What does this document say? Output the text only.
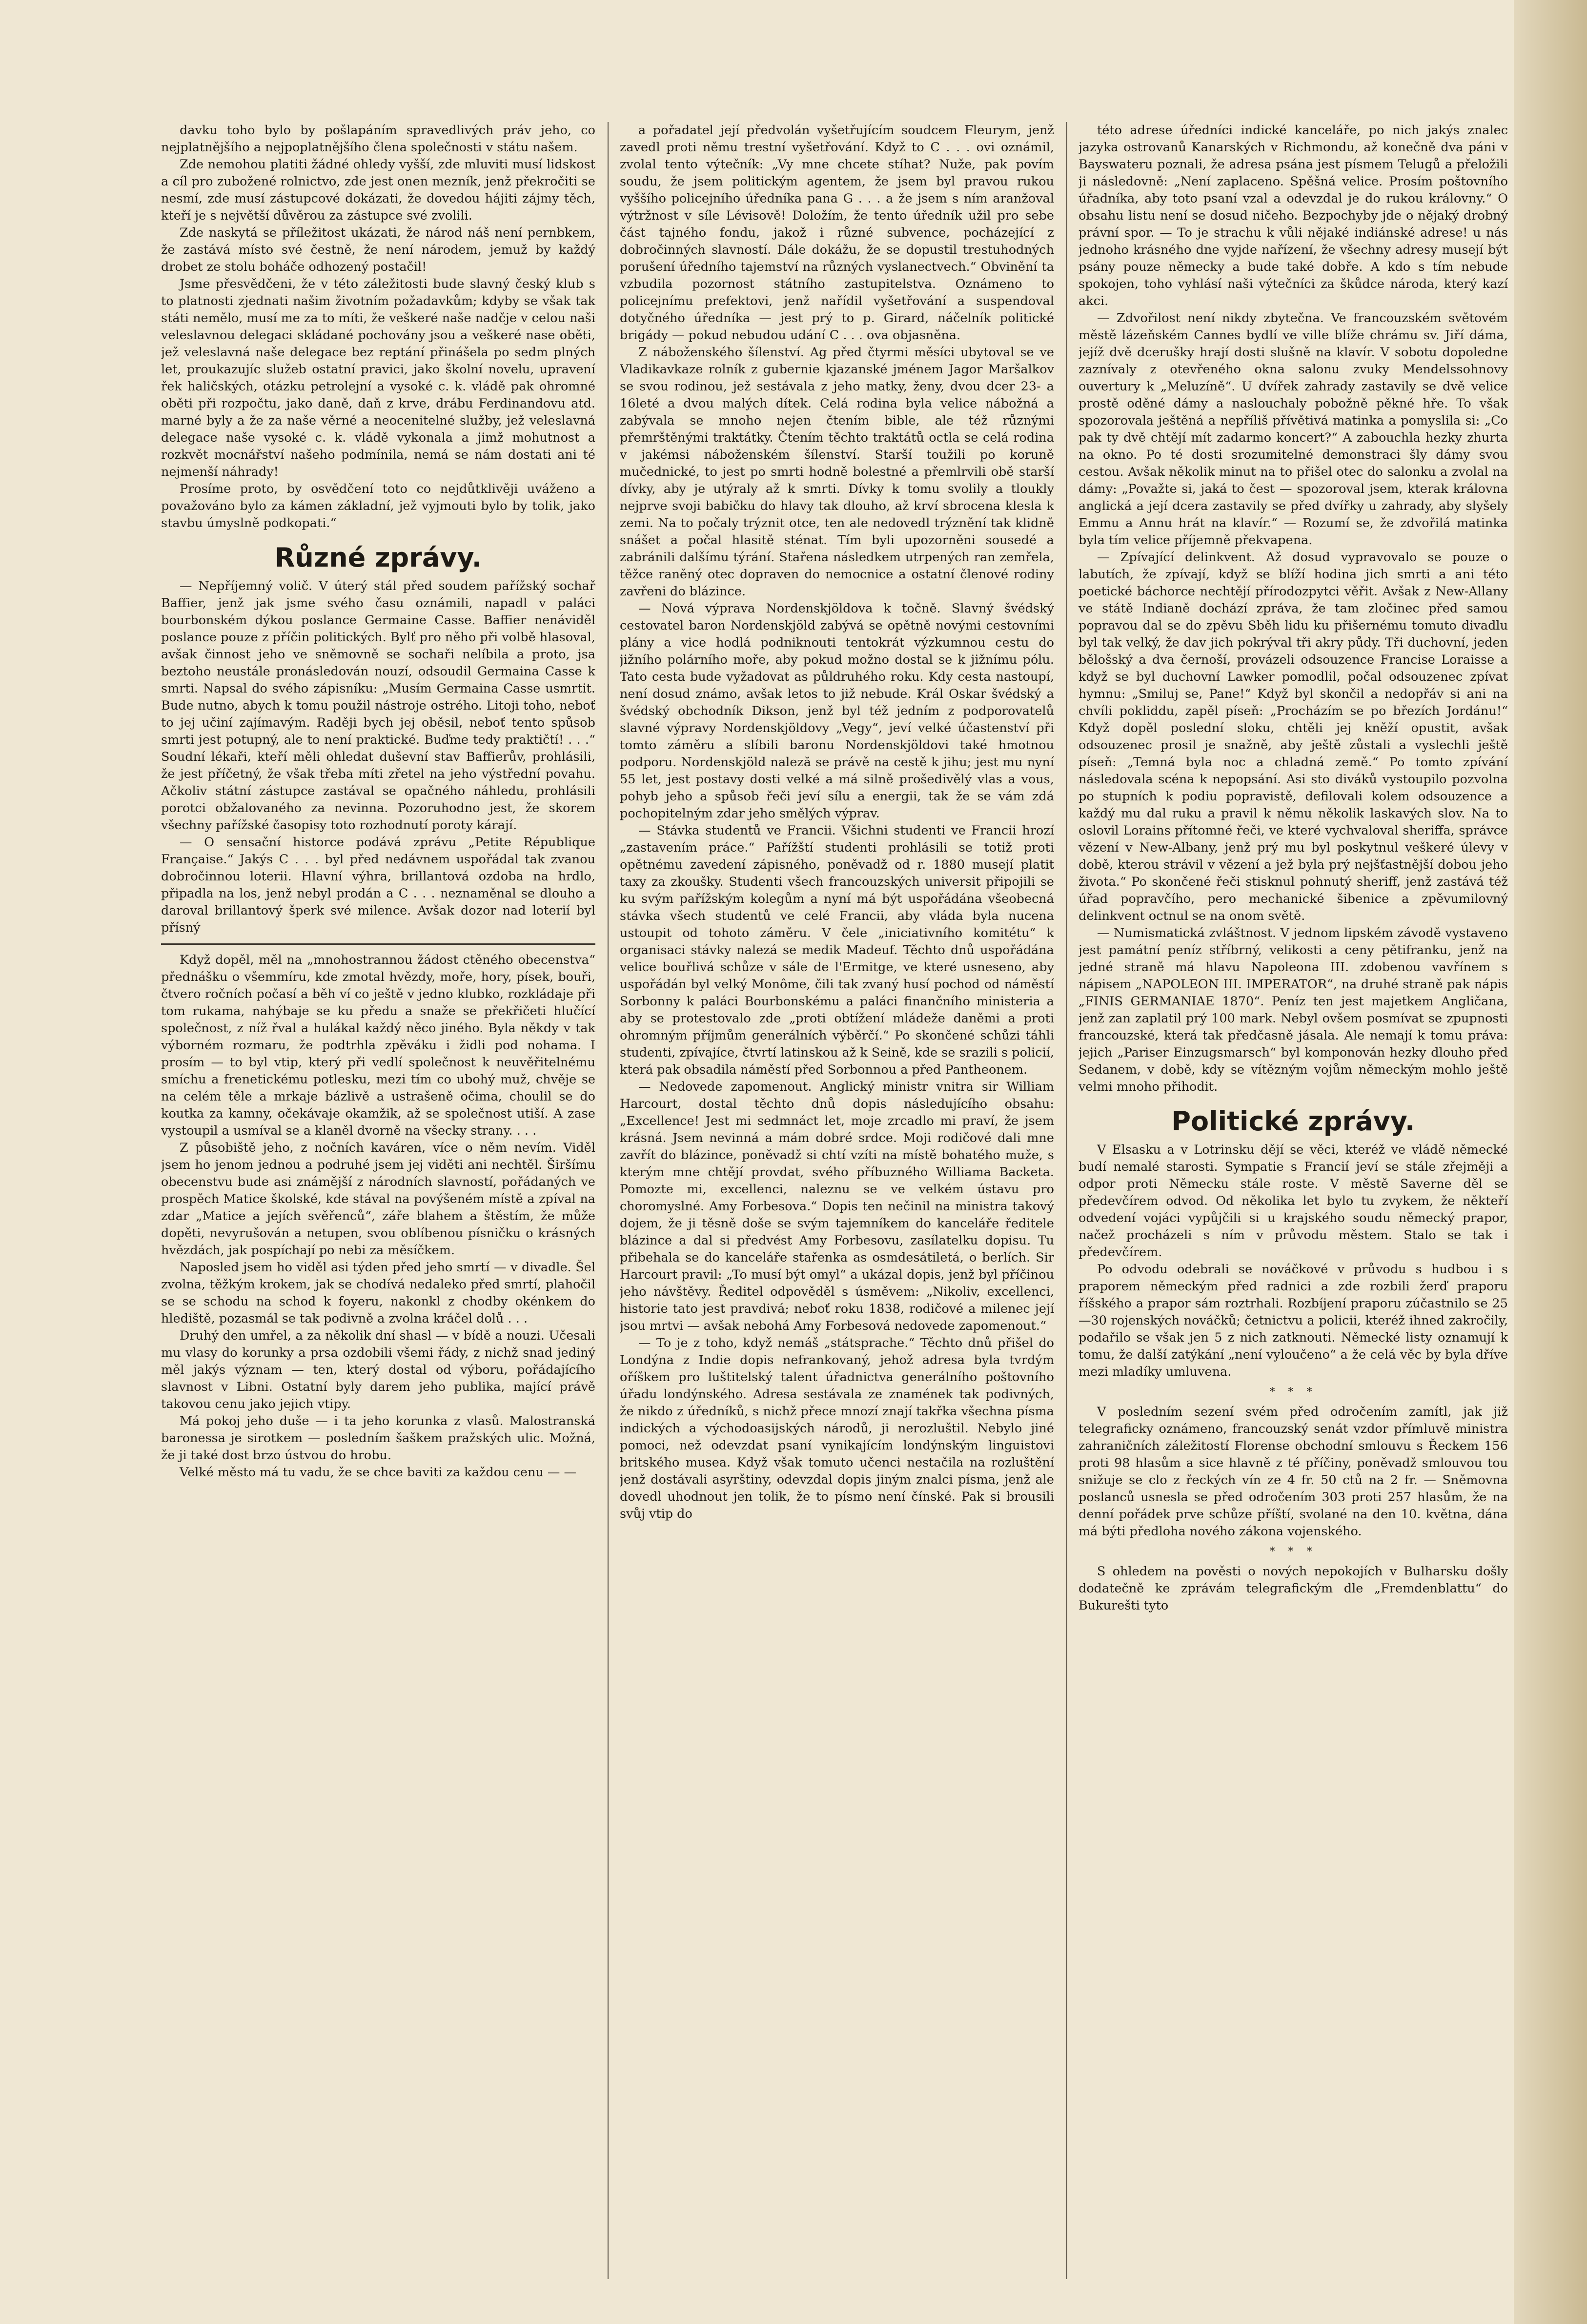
davku toho bylo by pošlapáním spravedlivých práv jeho, co nejplatnějšího a nejpoplatnějšího člena společnosti v státu našem.

Zde nemohou platiti žádné ohledy vyšší, zde mluviti musí lidskost a cíl pro zubožené rolnictvo, zde jest onen mezník, jenž překročiti se nesmí, zde musí zástupcové dokázati, že dovedou hájiti zájmy těch, kteří je s největší důvěrou za zástupce své zvolili.

Zde naskytá se příležitost ukázati, že národ náš není pernbkem, že zastává místo své čestně, že není národem, jemuž by každý drobet ze stolu boháče odhozený postačil!

Jsme přesvědčeni, že v této záležitosti bude slavný český klub s to platnosti zjednati našim životním požadavkům; kdyby se však tak státi nemělo, musí me za to míti, že veškeré naše nadčje v celou naši veleslavnou delegaci skládané pochovány jsou a veškeré nase oběti, jež veleslavná naše delegace bez reptání přinášela po sedm plných let, proukazujíc služeb ostatní pravici, jako školní novelu, upravení řek haličských, otázku petrolejní a vysoké c. k. vládě pak ohromné oběti při rozpočtu, jako daně, daň z krve, drábu Ferdinandovu atd. marné byly a že za naše věrné a neocenitelné služby, jež veleslavná delegace naše vysoké c. k. vládě vykonala a jimž mohutnost a rozkvět mocnářství našeho podmínila, nemá se nám dostati ani té nejmenší náhrady!

Prosíme proto, by osvědčení toto co nejdůtklivěji uváženo a považováno bylo za kámen základní, jež vyjmouti bylo by tolik, jako stavbu úmyslně podkopati.“

Různé zprávy.

— Nepříjemný volič. V úterý stál před soudem pařížský sochař Baffier, jenž jak jsme svého času oznámili, napadl v paláci bourbonském dýkou poslance Germaine Casse. Baffier nenáviděl poslance pouze z příčin politických. Bylť pro něho při volbě hlasoval, avšak činnost jeho ve sněmovně se sochaři nelíbila a proto, jsa beztoho neustále pronásledován nouzí, odsoudil Germaina Casse k smrti. Napsal do svého zápisníku: „Musím Germaina Casse usmrtit. Bude nutno, abych k tomu použil nástroje ostrého. Litoji toho, neboť to jej učiní zajímavým. Raději bych jej oběsil, neboť tento spůsob smrti jest potupný, ale to není praktické. Buďme tedy praktičtí! . . .“ Soudní lékaři, kteří měli ohledat duševní stav Baffierův, prohlásili, že jest příčetný, že však třeba míti zřetel na jeho výstřední povahu. Ačkoliv státní zástupce zastával se opačného náhledu, prohlásili porotci obžalovaného za nevinna. Pozoruhodno jest, že skorem všechny pařížské časopisy toto rozhodnutí poroty kárají.

— O sensační historce podává zprávu „Petite République Française.“ Jakýs C . . . byl před nedávnem uspořádal tak zvanou dobročinnou loterii. Hlavní výhra, brillantová ozdoba na hrdlo, připadla na los, jenž nebyl prodán a C . . . neznaměnal se dlouho a daroval brillantový šperk své milence. Avšak dozor nad loterií byl přísný

Když dopěl, měl na „mnohostrannou žádost ctěného obecenstva“ přednášku o všemmíru, kde zmotal hvězdy, moře, hory, písek, bouři, čtvero ročních počasí a běh ví co ještě v jedno klubko, rozkládaje při tom rukama, nahýbaje se ku předu a snaže se překřičeti hlučící společnost, z níž řval a hulákal každý něco jiného. Byla někdy v tak výborném rozmaru, že podtrhla zpěváku i židli pod nohama. I prosím — to byl vtip, který při vedlí společnost k neuvěřitelnému smíchu a frenetickému potlesku, mezi tím co ubohý muž, chvěje se na celém těle a mrkaje bázlivě a ustrašeně očima, choulil se do koutka za kamny, očekávaje okamžik, až se společnost utiší. A zase vystoupil a usmíval se a klaněl dvorně na všecky strany. . . .

Z působiště jeho, z nočních kaváren, více o něm nevím. Viděl jsem ho jenom jednou a podruhé jsem jej viděti ani nechtěl. Širšímu obecenstvu bude asi známější z národních slavností, pořádaných ve prospěch Matice školské, kde stával na povýšeném místě a zpíval na zdar „Matice a jejích svěřenců“, záře blahem a štěstím, že může dopěti, nevyrušován a netupen, svou oblíbenou písničku o krásných hvězdách, jak pospíchají po nebi za měsíčkem.

Naposled jsem ho viděl asi týden před jeho smrtí — v divadle. Šel zvolna, těžkým krokem, jak se chodívá nedaleko před smrtí, plahočil se se schodu na schod k foyeru, nakonkl z chodby okénkem do hlediště, pozasmál se tak podivně a zvolna kráčel dolů . . .

Druhý den umřel, a za několik dní shasl — v bídě a nouzi. Učesali mu vlasy do korunky a prsa ozdobili všemi řády, z nichž snad jediný měl jakýs význam — ten, který dostal od výboru, pořádajícího slavnost v Libni. Ostatní byly darem jeho publika, mající právě takovou cenu jako jejich vtipy.

Má pokoj jeho duše — i ta jeho korunka z vlasů. Malostranská baronessa je sirotkem — posledním šaškem pražských ulic. Možná, že ji také dost brzo ústvou do hrobu.

Velké město má tu vadu, že se chce baviti za každou cenu — —

a pořadatel její předvolán vyšetřujícím soudcem Fleurym, jenž zavedl proti němu trestní vyšetřování. Když to C . . . ovi oznámil, zvolal tento výtečník: „Vy mne chcete stíhat? Nuže, pak povím soudu, že jsem politickým agentem, že jsem byl pravou rukou vyššího policejního úředníka pana G . . . a že jsem s ním aranžoval výtržnost v síle Lévisově! Doložím, že tento úředník užil pro sebe část tajného fondu, jakož i různé subvence, pocházející z dobročinných slavností. Dále dokážu, že se dopustil trestuhodných porušení úředního tajemství na různých vyslanectvech.“ Obvinění ta vzbudila pozornost státního zastupitelstva. Oznámeno to policejnímu prefektovi, jenž nařídil vyšetřování a suspendoval dotyčného úředníka — jest prý to p. Girard, náčelník politické brigády — pokud nebudou udání C . . . ova objasněna.

Z náboženského šílenství. Ag před čtyrmi měsíci ubytoval se ve Vladikavkaze rolník z gubernie kjazanské jménem Jagor Maršalkov se svou rodinou, jež sestávala z jeho matky, ženy, dvou dcer 23- a 16leté a dvou malých dítek. Celá rodina byla velice nábožná a zabývala se mnoho nejen čtením bible, ale též různými přemrštěnými traktátky. Čtením těchto traktátů octla se celá rodina v jakémsi náboženském šílenství. Starší toužili po koruně mučednické, to jest po smrti hodně bolestné a přemlrvili obě starší dívky, aby je utýraly až k smrti. Dívky k tomu svolily a tloukly nejprve svoji babičku do hlavy tak dlouho, až krví sbrocena klesla k zemi. Na to počaly trýznit otce, ten ale nedovedl trýznění tak klidně snášet a počal hlasitě sténat. Tím byli upozorněni sousedé a zabránili dalšímu týrání. Stařena následkem utrpených ran zemřela, těžce raněný otec dopraven do nemocnice a ostatní členové rodiny zavřeni do blázince.

— Nová výprava Nordenskjöldova k točně. Slavný švédský cestovatel baron Nordenskjöld zabývá se opětně novými cestovními plány a vice hodlá podniknouti tentokrát výzkumnou cestu do jižního polárního moře, aby pokud možno dostal se k jižnímu pólu. Tato cesta bude vyžadovat as půldruhého roku. Kdy cesta nastoupí, není dosud známo, avšak letos to již nebude. Král Oskar švédský a švédský obchodník Dikson, jenž byl též jedním z podporovatelů slavné výpravy Nordenskjöldovy „Vegy“, jeví velké účastenství při tomto záměru a slíbili baronu Nordenskjöldovi také hmotnou podporu. Nordenskjöld naleză se právě na cestě k jihu; jest mu nyní 55 let, jest postavy dosti velké a má silně prošedivělý vlas a vous, pohyb jeho a spůsob řeči jeví sílu a energii, tak že se vám zdá pochopitelným zdar jeho smělých výprav.

— Stávka studentů ve Francii. Všichni studenti ve Francii hrozí „zastavením práce.“ Pařížští studenti prohlásili se totiž proti opětnému zavedení zápisného, poněvadž od r. 1880 musejí platit taxy za zkoušky. Studenti všech francouzských universit připojili se ku svým pařížským kolegům a nyní má být uspořádána všeobecná stávka všech studentů ve celé Francii, aby vláda byla nucena ustoupit od tohoto záměru. V čele „iniciativního komitétu“ k organisaci stávky nalezá se medik Madeuf. Těchto dnů uspořádána velice bouřlivá schůze v sále de l'Ermitge, ve které usneseno, aby uspořádán byl velký Monôme, čili tak zvaný husí pochod od náměstí Sorbonny k paláci Bourbonskému a paláci finančního ministeria a aby se protestovalo zde „proti obtížení mládeže daněmi a proti ohromným příjmům generálních výběrčí.“ Po skončené schůzi táhli studenti, zpívajíce, čtvrtí latinskou až k Seině, kde se srazili s policií, která pak obsadila náměstí před Sorbonnou a před Pantheonem.

— Nedovede zapomenout. Anglický ministr vnitra sir William Harcourt, dostal těchto dnů dopis následujícího obsahu: „Excellence! Jest mi sedmnáct let, moje zrcadlo mi praví, že jsem krásná. Jsem nevinná a mám dobré srdce. Moji rodičové dali mne zavřít do blázince, poněvadž si chtí vzíti na místě bohatého muže, s kterým mne chtějí provdat, svého příbuzného Williama Backeta. Pomozte mi, excellenci, naleznu se ve velkém ústavu pro choromyslné. Amy Forbesova.“ Dopis ten nečinil na ministra takový dojem, že ji těsně doše se svým tajemníkem do kanceláře ředitele blázince a dal si předvést Amy Forbesovu, zasílatelku dopisu. Tu přibehala se do kanceláře stařenka as osmdesátiletá, o berlích. Sir Harcourt pravil: „To musí být omyl“ a ukázal dopis, jenž byl příčinou jeho návštěvy. Ředitel odpověděl s úsměvem: „Nikoliv, excellenci, historie tato jest pravdivá; neboť roku 1838, rodičové a milenec její jsou mrtvi — avšak nebohá Amy Forbesová nedovede zapomenout.“

— To je z toho, když nemáš „státsprache.“ Těchto dnů přišel do Londýna z Indie dopis nefrankovaný, jehož adresa byla tvrdým oříškem pro luštitelský talent úřadnictva generálního poštovního úřadu londýnského. Adresa sestávala ze znamének tak podivných, že nikdo z úředníků, s nichž přece mnozí znají takřka všechna písma indických a východoasijských národů, ji nerozluštil. Nebylo jiné pomoci, než odevzdat psaní vynikajícím londýnským linguistovi britského musea. Když však tomuto učenci nestačila na rozluštění jenž dostávali asyrštiny, odevzdal dopis jiným znalci písma, jenž ale dovedl uhodnout jen tolik, že to písmo není čínské. Pak si brousili svůj vtip do

této adrese úředníci indické kanceláře, po nich jakýs znalec jazyka ostrovanů Kanarských v Richmondu, až konečně dva páni v Bayswateru poznali, že adresa psána jest písmem Telugů a přeložili ji následovně: „Není zaplaceno. Spěšná velice. Prosím poštovního úřadníka, aby toto psaní vzal a odevzdal je do rukou královny.“ O obsahu listu není se dosud ničeho. Bezpochyby jde o nějaký drobný právní spor. — To je strachu k vůli nějaké indiánské adrese! u nás jednoho krásného dne vyjde nařízení, že všechny adresy musejí být psány pouze německy a bude také dobře. A kdo s tím nebude spokojen, toho vyhlásí naši výtečníci za škůdce národa, který kazí akci.

— Zdvořilost není nikdy zbytečna. Ve francouzském světovém městě lázeňském Cannes bydlí ve ville blíže chrámu sv. Jiří dáma, jejíž dvě dcerušky hrají dosti slušně na klavír. V sobotu dopoledne zaznívaly z otevřeného okna salonu zvuky Mendelssohnovy ouvertury k „Meluzíně“. U dvířek zahrady zastavily se dvě velice prostě oděné dámy a naslouchaly pobožně pěkné hře. To však spozorovala ještěná a nepříliš přívětivá matinka a pomyslila si: „Co pak ty dvě chtějí mít zadarmo koncert?“ A zabouchla hezky zhurta na okno. Po té dosti srozumitelné demonstraci šly dámy svou cestou. Avšak několik minut na to přišel otec do salonku a zvolal na dámy: „Považte si, jaká to čest — spozoroval jsem, kterak královna anglická a její dcera zastavily se před dvířky u zahrady, aby slyšely Emmu a Annu hrát na klavír.“ — Rozumí se, že zdvořilá matinka byla tím velice příjemně překvapena.

— Zpívající delinkvent. Až dosud vypravovalo se pouze o labutích, že zpívají, když se blíží hodina jich smrti a ani této poetické báchorce nechtějí přírodozpytci věřit. Avšak z New-Allany ve státě Indianě dochází zpráva, že tam zločinec před samou popravou dal se do zpěvu Sběh lidu ku přišernému tomuto divadlu byl tak velký, že dav jich pokrýval tři akry půdy. Tři duchovní, jeden bělošský a dva černoší, provázeli odsouzence Francise Loraisse a když se byl duchovní Lawker pomodlil, počal odsouzenec zpívat hymnu: „Smiluj se, Pane!“ Když byl skončil a nedopřáv si ani na chvíli pokliddu, zapěl píseň: „Procházím se po březích Jordánu!“ Když dopěl poslední sloku, chtěli jej kněží opustit, avšak odsouzenec prosil je snažně, aby ještě zůstali a vyslechli ještě píseň: „Temná byla noc a chladná země.“ Po tomto zpívání následovala scéna k nepopsání. Asi sto diváků vystoupilo pozvolna po stupních k podiu popravistě, defilovali kolem odsouzence a každý mu dal ruku a pravil k němu několik laskavých slov. Na to oslovil Lorains přítomné řeči, ve které vychvaloval sheriffa, správce vězení v New-Albany, jenž prý mu byl poskytnul veškeré úlevy v době, kterou strávil v vězení a jež byla prý nejšťastnější dobou jeho života.“ Po skončené řeči stisknul pohnutý sheriff, jenž zastává též úřad popravčího, pero mechanické šibenice a zpěvumilovný delinkvent octnul se na onom světě.

— Numismatická zvláštnost. V jednom lipském závodě vystaveno jest památní peníz stříbrný, velikosti a ceny pětifranku, jenž na jedné straně má hlavu Napoleona III. zdobenou vavřínem s nápisem „NAPOLEON III. IMPERATOR“, na druhé straně pak nápis „FINIS GERMANIAE 1870“. Peníz ten jest majetkem Angličana, jenž zan zaplatil prý 100 mark. Nebyl ovšem posmívat se zpupnosti francouzské, která tak předčasně jásala. Ale nemají k tomu práva: jejich „Pariser Einzugsmarsch“ byl komponován hezky dlouho před Sedanem, v době, kdy se vítězným vojům německým mohlo ještě velmi mnoho přihodit.

Politické zprávy.

V Elsasku a v Lotrinsku dějí se věci, kteréž ve vládě německé budí nemalé starosti. Sympatie s Francií jeví se stále zřejměji a odpor proti Německu stále roste. V městě Saverne děl se předevčírem odvod. Od několika let bylo tu zvykem, že někteří odvedení vojáci vypůjčili si u krajského soudu německý prapor, načež procházeli s ním v průvodu městem. Stalo se tak i předevčírem.

Po odvodu odebrali se nováčkové v průvodu s hudbou i s praporem německým před radnici a zde rozbili žerď praporu říšského a prapor sám roztrhali. Rozbíjení praporu zúčastnilo se 25—30 rojenských nováčků; četnictvu a policii, kteréž ihned zakročily, podařilo se však jen 5 z nich zatknouti. Německé listy oznamují k tomu, že další zatýkání „není vyloučeno“ a že celá věc by byla dříve mezi mladíky umluvena.

* * *

V posledním sezení svém před odročením zamítl, jak již telegraficky oznámeno, francouzský senát vzdor přímluvě ministra zahraničních záležitostí Florense obchodní smlouvu s Řeckem 156 proti 98 hlasům a sice hlavně z té příčiny, poněvadž smlouvou tou snižuje se clo z řeckých vín ze 4 fr. 50 ctů na 2 fr. — Sněmovna poslanců usnesla se před odročením 303 proti 257 hlasům, že na denní pořádek prve schůze příští, svolané na den 10. května, dána má býti předloha nového zákona vojenského.

* * *

S ohledem na pověsti o nových nepokojích v Bulharsku došly dodatečně ke zprávám telegrafickým dle „Fremdenblattu“ do Bukurešti tyto
